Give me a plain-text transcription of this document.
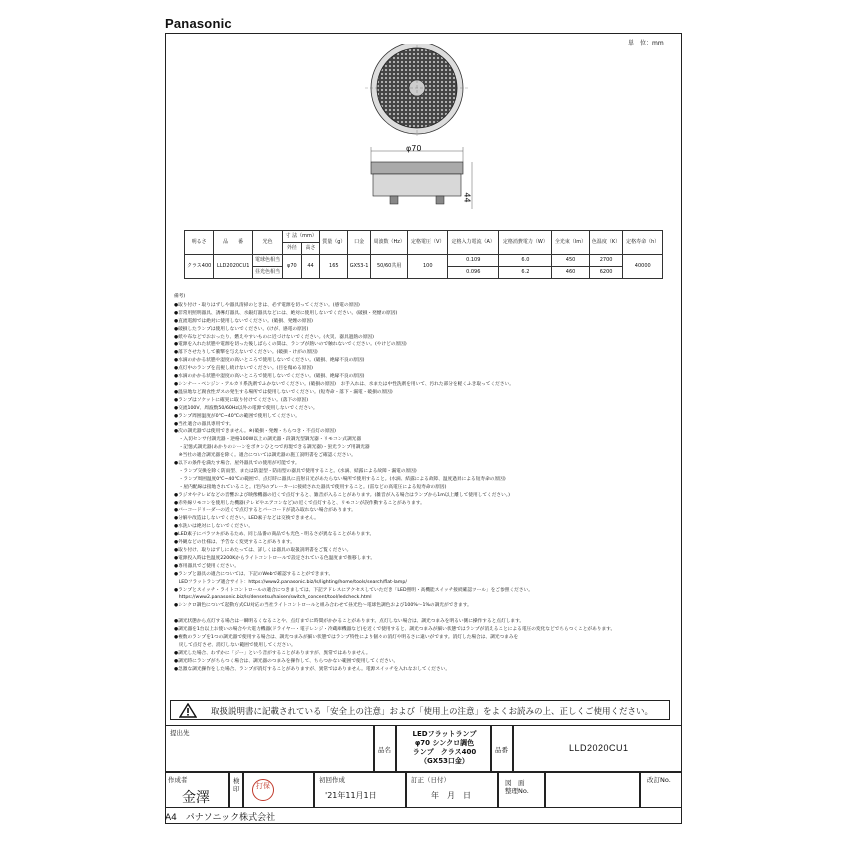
Panasonic
単　位：mm
φ70
44
明るさ	品　　番	光色	寸 法（mm）		質量（g）	口金	周波数（Hz）	定格電圧（V）	定格入力電流（A）	定格消費電力（W）	全光束（lm）	色温度（K）	定格寿命（h）
			外径	高さ									
クラス400	LLD2020CU1	電球色相当	φ70	44	165	GX53-1	50/60共用	100	0.109	6.0	450	2700	40000
		昼光色相当							0.096	6.2	460	6200	
備考)
●取り付け・取りはずしや器具清掃のときは、必ず電源を切ってください。(感電の原因)
●非常用照明器具、誘導灯器具、水銀灯器具などには、絶対に使用しないでください。(破損・発煙の原因)
●直流電源では絶対に使用しないでください。(破損、発煙の原因)
●破損したランプは使用しないでください。(けが、感電の原因)
●紙や布などでおおったり、燃えやすいものに近づけないでください。(火災、器具過熱の原因)
●電源を入れた状態や電源を切った後しばらくの間は、ランプが熱いので触れないでください。(やけどの原因)
●落下させたりして衝撃を与えないでください。(破損・けがの原因)
●水滴のかかる状態や湿度の高いところで使用しないでください。(破損、絶縁不良の原因)
●点灯中のランプを直視し続けないでください。(目を傷める原因)
●水滴のかかる状態や湿度の高いところで使用しないでください。(破損、絶縁不良の原因)
●シンナー・ベンジン・アルカリ系洗剤でふかないでください。(破損の原因)　お手入れは、水または中性洗剤を用いて、汚れた部分を軽くふき取ってください。
●温泉地など腐食性ガスの発生する場所では使用しないでください。(短寿命・落下・漏電・破損の原因)
●ランプはソケットに確実に取り付けてください。(落下の原因)
●交流100V、周波数50/60Hz以外の電源で使用しないでください。
●ランプ周囲温度が0℃~40℃の範囲で使用してください。
●当社適合の器具専用です。
●次の調光器では使用できません。※(破損・発煙・ちらつき・不点灯の原因)
　・入切センサ付調光器・逆格100W以上の調光器・段調光型調光器・リモコン式調光器
　・記憶式調光器(あかりのシーンをボタンひとつで再現できる調光器)・蛍光ランプ用調光器
　※当社の適合調光器を除く。適合については調光器の施工説明書をご確認ください。
●以下の条件を満たす場合、屋外器具での使用が可能です。
　・ランプ交換を除く防雨型、または防湿型・防雨型の器具で使用すること。(水滴、結露による故障・漏電の原因)
　・ランプ周囲温度0℃~40℃の範囲で、点灯時に器具に直射日光があたらない場所で使用すること。(水滴、結露による故障、温度過昇による短寿命の原因)
　・屋内配線は接地されていること。(宅内のブレーカーに接続された器具で使用すること。(雷などの高電圧による短寿命の原因)
●ラジオやテレビなどの音響および映像機器の近くで点灯すると、雑音が入ることがあります。(雑音が入る場合はランプから1m以上離して使用してください。)
●赤外線リモコンを使用した機器(テレビやエアコンなど)の近くで点灯すると、リモコンが誤作動することがあります。
●バーコードリーダーの近くで点灯するとバーコードが読み取れない場合があります。
●分解や改造はしないでください。LED素子などは交換できません。
●水洗いは絶対にしないでください。
●LED素子にバラツキがあるため、同じ品番の商品でも光色・明るさが異なることがあります。
●外観などの仕様は、予告なく変更することがあります。
●取り付け、取りはずしにあたっては、詳しくは器具の取扱説明書をご覧ください。
●電源投入時は色温度2200Kからライトコントロールで設定されている色温度まで推移します。
●専用器具でご使用ください。
●ランプと器具の適合については、下記のWebで確認することができます。
　LEDフラットランプ適合サイト：https://www2.panasonic.biz/ls/lighting/home/tools/search/flat-lamp/
●ランプとスイッチ・ライトコントロールの適合につきましては、下記アドレスにアクセスしていただき「LED照明・高機能スイッチ接続確認ツール」をご参照ください。
　https://www2.panasonic.biz/ls/densetsu/haisen/switch_concent/tool/ledcheck.html
●シンクロ調色について起動方式CU対応の当社ライトコントロールと組み合わせて昼光色～電球色調色および100%～1%の調光ができます。
●調光状態から点灯する場合は一瞬明るくなることや、点灯までに時間がかかることがあります。点灯しない場合は、調光つまみを明るい側に操作すると点灯します。
●調光器を1台以上お使いの場合や大電力機器(ドライヤー・電子レンジ・冷蔵庫機器など)を近くで使用すると、調光つまみが細い状態ではランプが消えることによる電圧の変化などでちらつくことがあります。
●複数のランプを1つの調光器で使用する場合は、調光つまみが細い状態ではランプ特性により個々の消灯や明るさに違いがでます。消灯した場合は、調光つまみを
　戻して点灯させ、消灯しない範囲で使用してください。
●調光した場合、わずかに「ジー」という音がすることがありますが、異常ではありません。
●調光時にランプがちらつく場合は、調光器のつまみを操作して、ちらつかない範囲で使用してください。
●急激な調光操作をした場合、ランプが消灯することがありますが、異常ではありません。電源スイッチを入れなおしてください。
取扱説明書に記載されている「安全上の注意」および「使用上の注意」をよくお読みの上、正しくご使用ください。
提出先
品名
LEDフラットランプ
φ70 シンクロ調色
ランプ　クラス400
（GX53口金）
品番	LLD2020CU1
作成者
金澤
検印	打保
初回作成
'21年11月1日
訂正（日付）
年　月　日
図　面
整理No.
改訂No.
A4 パナソニック株式会社
